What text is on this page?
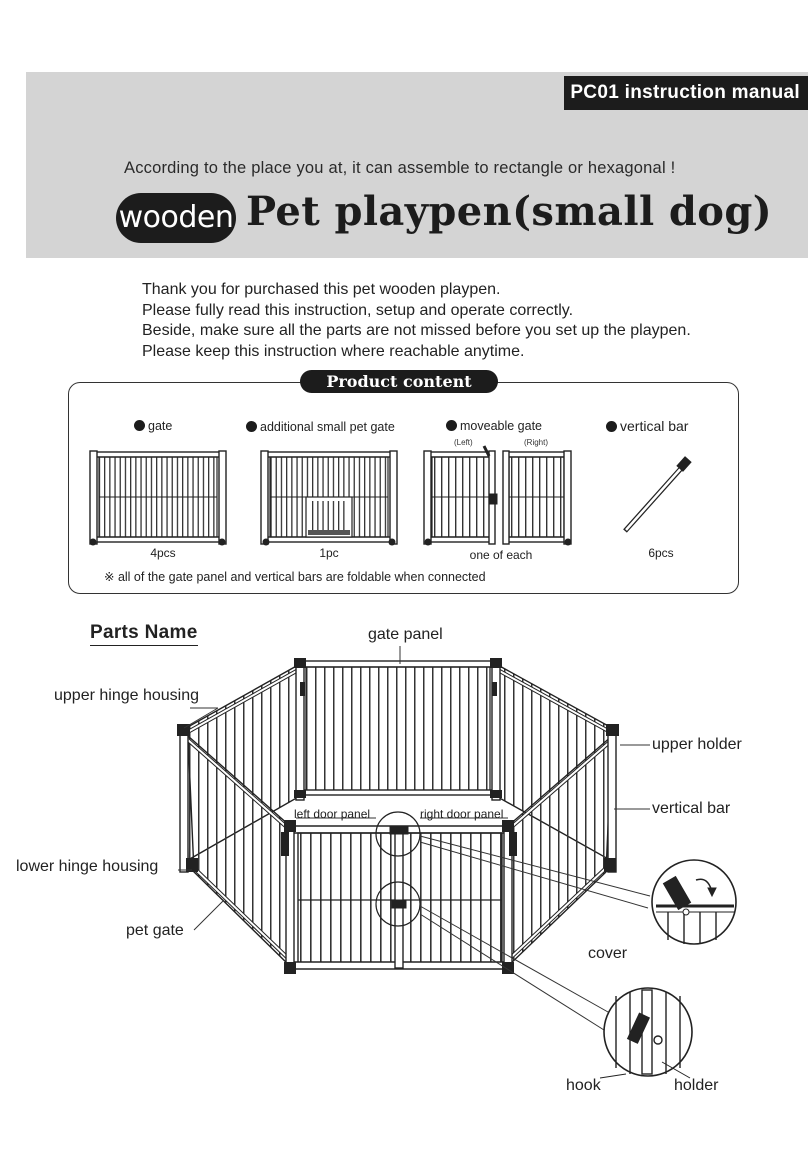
PC01 instruction manual
According to the place you at, it can assemble to rectangle or hexagonal !
wooden Pet playpen(small dog)
Thank you for purchased this pet wooden playpen.
Please fully read this instruction, setup and operate correctly.
Beside, make sure all the parts are not missed before you set up the playpen.
Please keep this instruction where reachable anytime.
Product content
gate	additional small pet gate	moveable gate	vertical bar
(Left)	(Right)
4pcs	1pc	one of each	6pcs
※ all of the gate panel and vertical bars are foldable when connected
Parts Name	gate panel
upper hinge housing
upper holder
vertical bar
left door panel	right door panel
lower hinge housing
pet gate
cover
hook	holder
